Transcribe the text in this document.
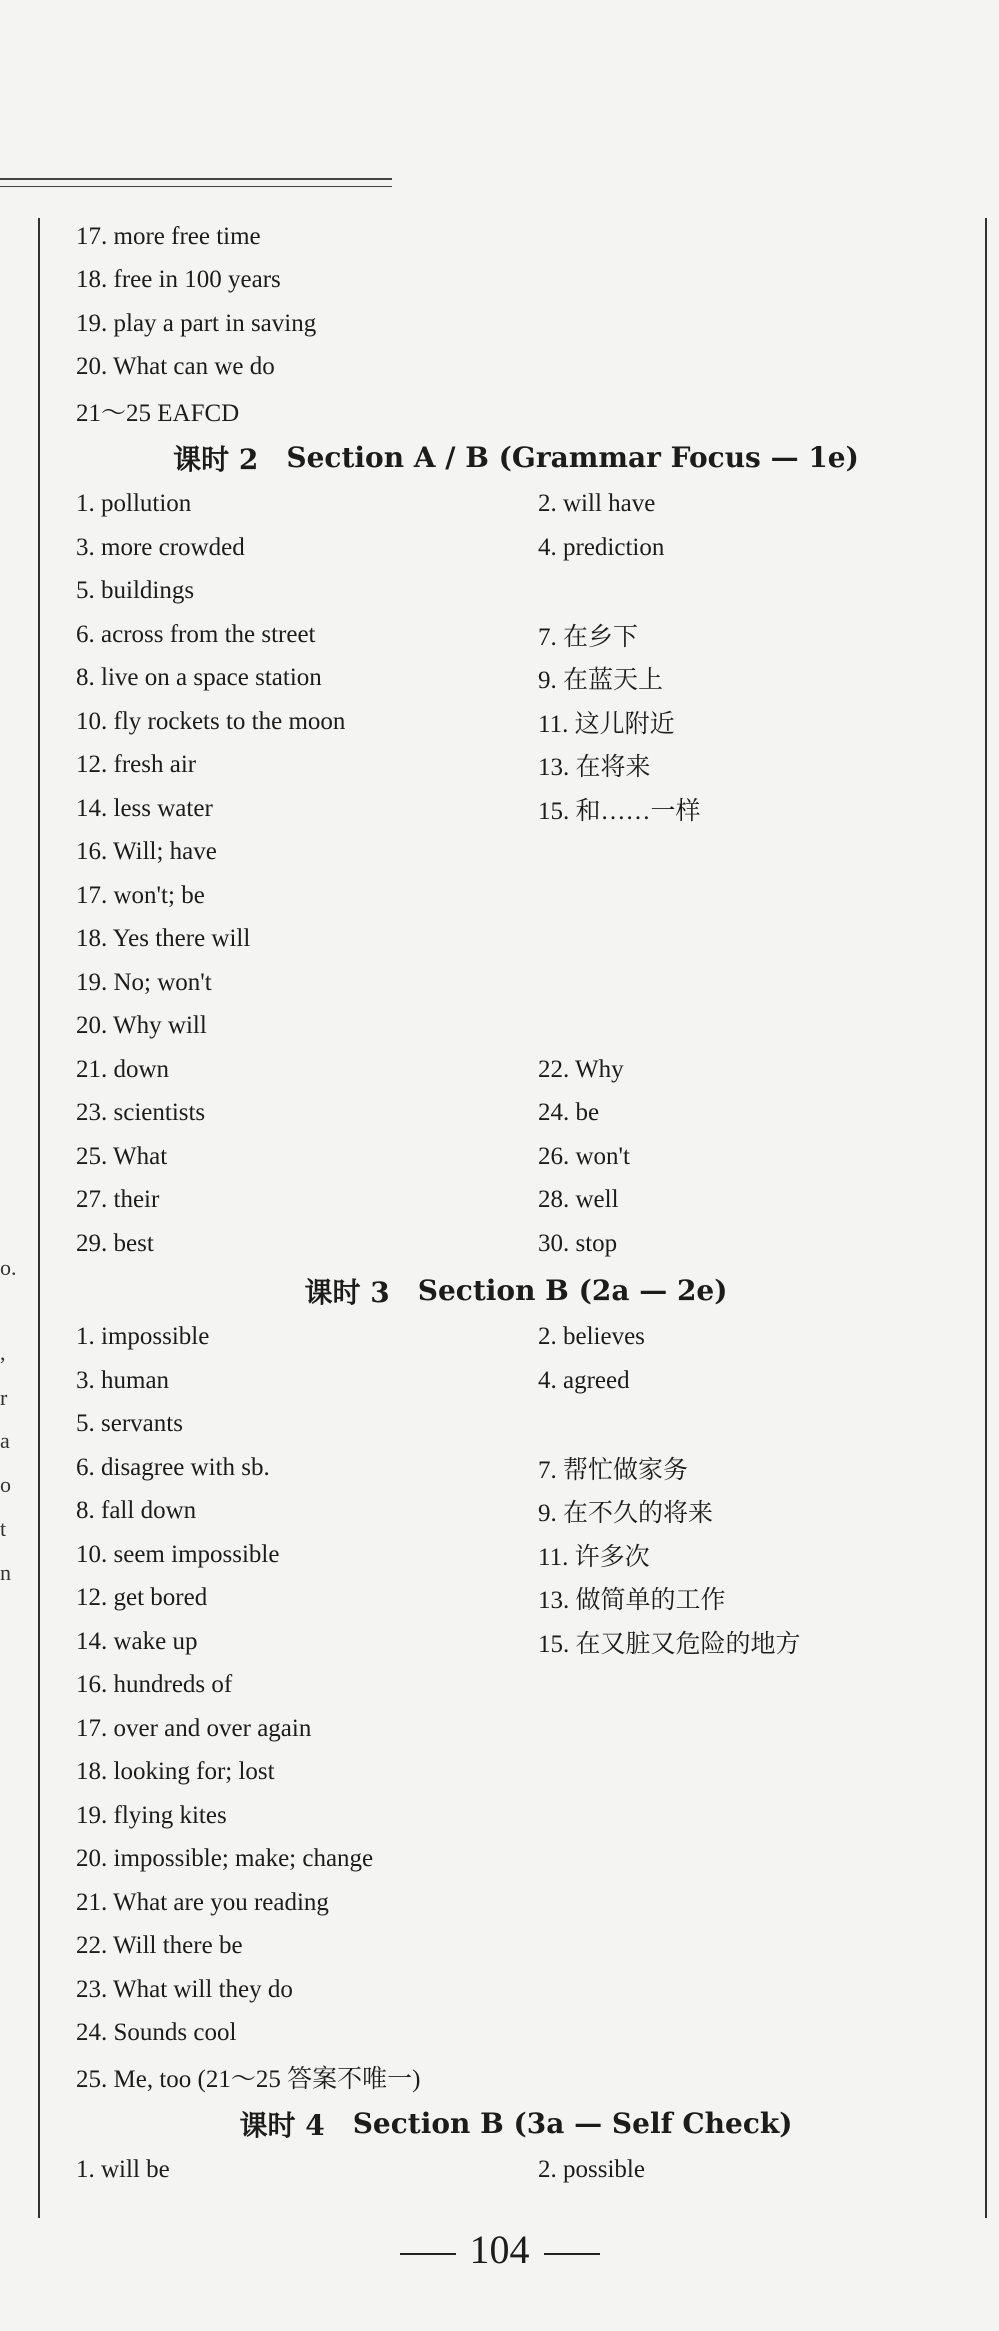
o.
,
r
a
o
t
n
17. more free time
18. free in 100 years
19. play a part in saving
20. What can we do
21～25 EAFCD
课时 2 Section A / B (Grammar Focus — 1e)
1. pollution	2. will have
3. more crowded	4. prediction
5. buildings
6. across from the street	7. 在乡下
8. live on a space station	9. 在蓝天上
10. fly rockets to the moon	11. 这儿附近
12. fresh air	13. 在将来
14. less water	15. 和……一样
16. Will; have
17. won't; be
18. Yes there will
19. No; won't
20. Why will
21. down	22. Why
23. scientists	24. be
25. What	26. won't
27. their	28. well
29. best	30. stop
课时 3 Section B (2a — 2e)
1. impossible	2. believes
3. human	4. agreed
5. servants
6. disagree with sb.	7. 帮忙做家务
8. fall down	9. 在不久的将来
10. seem impossible	11. 许多次
12. get bored	13. 做简单的工作
14. wake up	15. 在又脏又危险的地方
16. hundreds of
17. over and over again
18. looking for; lost
19. flying kites
20. impossible; make; change
21. What are you reading
22. Will there be
23. What will they do
24. Sounds cool
25. Me, too (21～25 答案不唯一)
课时 4 Section B (3a — Self Check)
1. will be	2. possible
104
